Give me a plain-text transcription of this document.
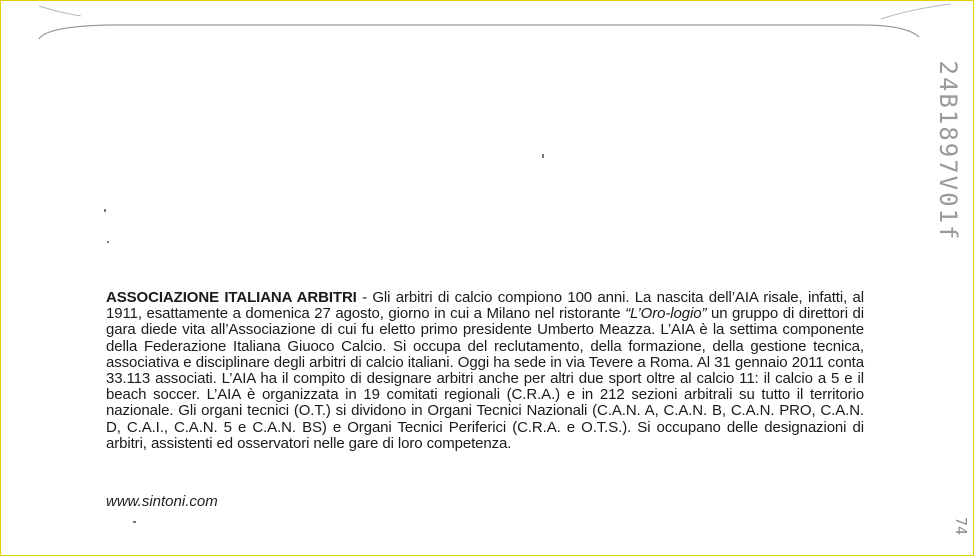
ASSOCIAZIONE ITALIANA ARBITRI - Gli arbitri di calcio compiono 100 anni. La nascita dell’AIA risale, infatti, al 1911, esattamente a domenica 27 agosto, giorno in cui a Milano nel ristorante “L’Oro-logio” un gruppo di direttori di gara diede vita all’Associazione di cui fu eletto primo presidente Umberto Meazza. L’AIA è la settima componente della Federazione Italiana Giuoco Calcio. Si occupa del reclutamento, della formazione, della gestione tecnica, associativa e disciplinare degli arbitri di calcio italiani. Oggi ha sede in via Tevere a Roma. Al 31 gennaio 2011 conta 33.113 associati. L’AIA ha il compito di designare arbitri anche per altri due sport oltre al calcio 11: il calcio a 5 e il beach soccer. L’AIA è organizzata in 19 comitati regionali (C.R.A.) e in 212 sezioni arbitrali su tutto il territorio nazionale. Gli organi tecnici (O.T.) si dividono in Organi Tecnici Nazionali (C.A.N. A, C.A.N. B, C.A.N. PRO, C.A.N. D, C.A.I., C.A.N. 5 e C.A.N. BS) e Organi Tecnici Periferici (C.R.A. e O.T.S.). Si occupano delle designazioni di arbitri, assistenti ed osservatori nelle gare di loro competenza.
www.sintoni.com
24B1897V01f
74
